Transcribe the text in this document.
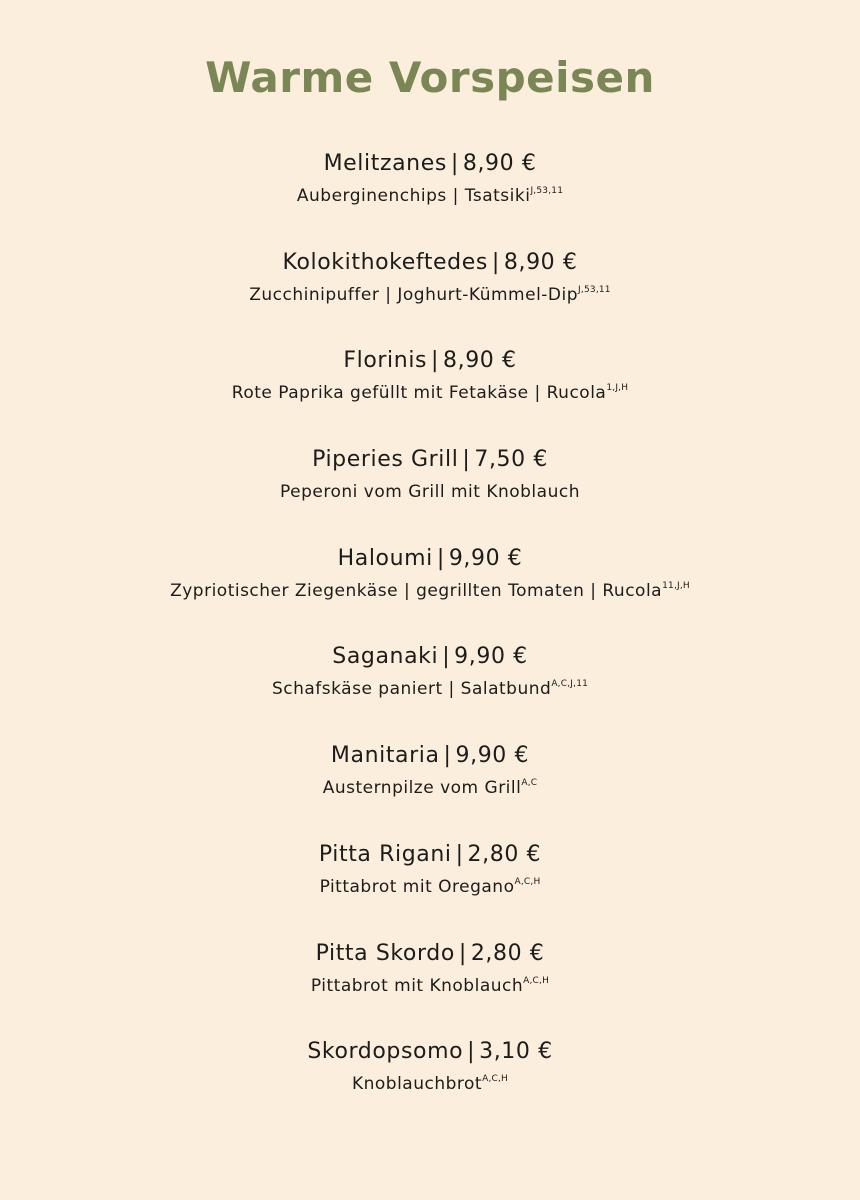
Warme Vorspeisen
Melitzanes | 8,90 €
Auberginenchips | Tsatsiki$^{J,53,11}$
Kolokithokeftedes | 8,90 €
Zucchinipuffer | Joghurt-Kümmel-Dip$^{J,53,11}$
Florinis | 8,90 €
Rote Paprika gefüllt mit Fetakäse | Rucola$^{1,J,H}$
Piperies Grill | 7,50 €
Peperoni vom Grill mit Knoblauch
Haloumi | 9,90 €
Zypriotischer Ziegenkäse | gegrillten Tomaten | Rucola$^{11,J,H}$
Saganaki | 9,90 €
Schafskäse paniert | Salatbund$^{A,C,J,11}$
Manitaria | 9,90 €
Austernpilze vom Grill$^{A,C}$
Pitta Rigani | 2,80 €
Pittabrot mit Oregano$^{A,C,H}$
Pitta Skordo | 2,80 €
Pittabrot mit Knoblauch$^{A,C,H}$
Skordopsomo | 3,10 €
Knoblauchbrot$^{A,C,H}$
